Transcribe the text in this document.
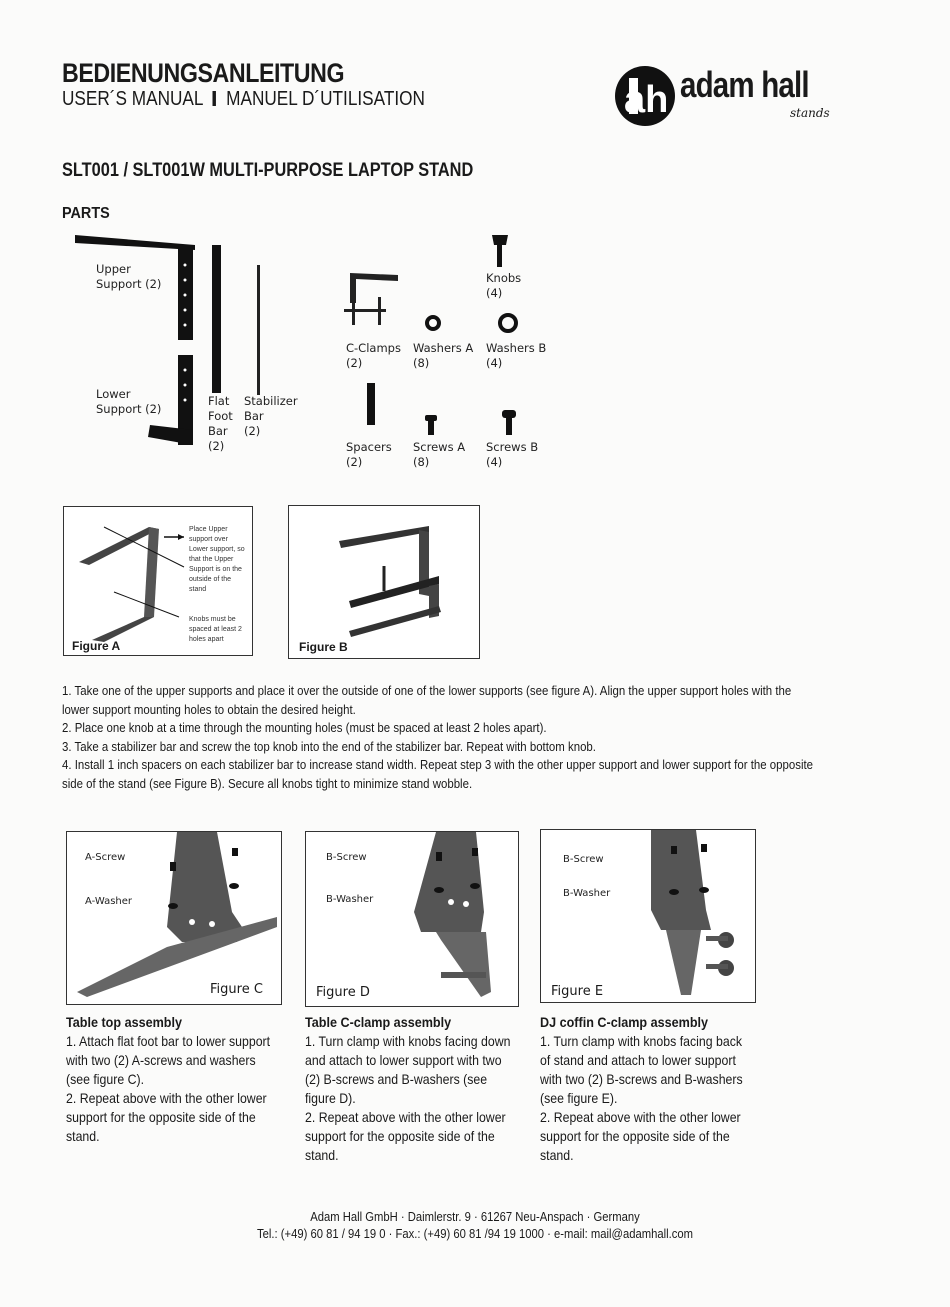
BEDIENUNGSANLEITUNG
USER´S MANUAL MANUEL D´UTILISATION	ah adam hall
stands
SLT001 / SLT001W MULTI-PURPOSE LAPTOP STAND
PARTS
Upper
Support (2)
Lower
Support (2)
Flat
Foot
Bar
(2)
Stabilizer
Bar
(2)
Knobs
(4)
C-Clamps
(2)
Washers A
(8)
Washers B
(4)
Spacers
(2)
Screws A
(8)
Screws B
(4)
Place Upper
support over
Lower support, so
that the Upper
Support is on the
outside of the
stand
Knobs must be
spaced at least 2
holes apart
Figure A	Figure B
1. Take one of the upper supports and place it over the outside of one of the lower supports (see figure A). Align the upper support holes with the
lower support mounting holes to obtain the desired height.
2. Place one knob at a time through the mounting holes (must be spaced at least 2 holes apart).
3. Take a stabilizer bar and screw the top knob into the end of the stabilizer bar. Repeat with bottom knob.
4. Install 1 inch spacers on each stabilizer bar to increase stand width. Repeat step 3 with the other upper support and lower support for the opposite
side of the stand (see Figure B). Secure all knobs tight to minimize stand wobble.
A-Screw
A-Washer
Figure C
B-Screw
B-Washer
Figure D
B-Screw
B-Washer
Figure E
Table top assembly

1. Attach flat foot bar to lower support

with two (2) A-screws and washers

(see figure C).

2. Repeat above with the other lower

support for the opposite side of the

stand.

Table C-clamp assembly

1. Turn clamp with knobs facing down

and attach to lower support with two

(2) B-screws and B-washers (see

figure D).

2. Repeat above with the other lower

support for the opposite side of the

stand.

DJ coffin C-clamp assembly

1. Turn clamp with knobs facing back

of stand and attach to lower support

with two (2) B-screws and B-washers

(see figure E).

2. Repeat above with the other lower

support for the opposite side of the

stand.

Adam Hall GmbH · Daimlerstr. 9 · 61267 Neu-Anspach · Germany
Tel.: (+49) 60 81 / 94 19 0 · Fax.: (+49) 60 81 /94 19 1000 · e-mail: mail@adamhall.com
